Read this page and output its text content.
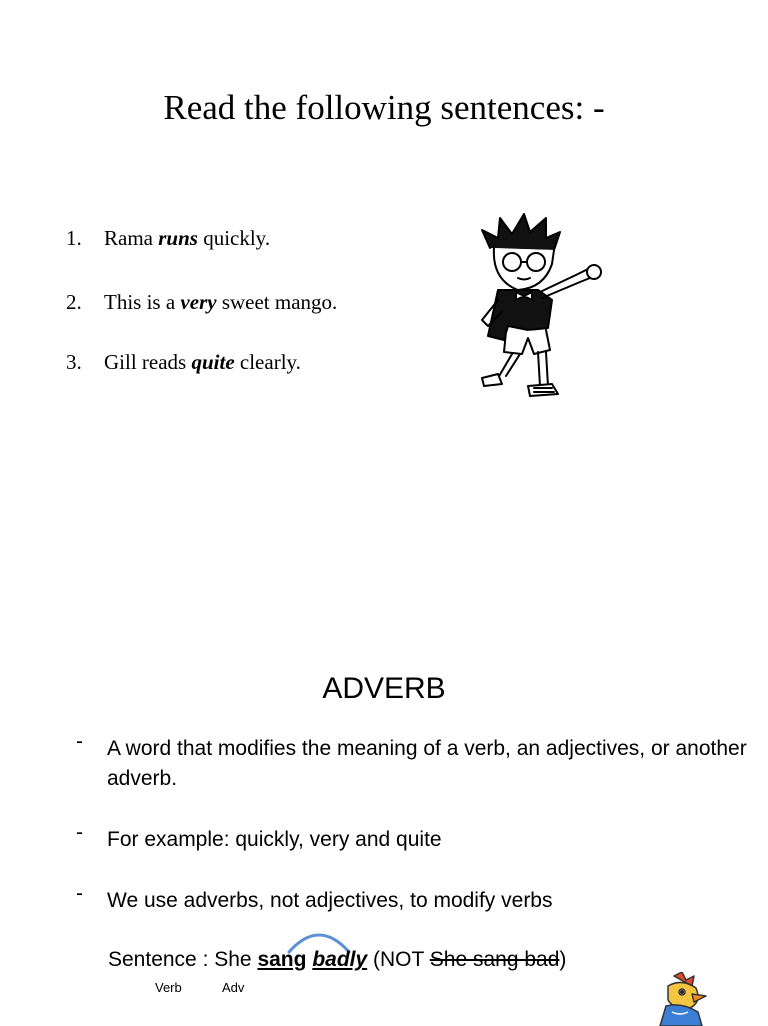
Read the following sentences: -
1. Rama runs quickly.
2. This is a very sweet mango.
3. Gill reads quite clearly.
ADVERB
- A word that modifies the meaning of a verb, an adjectives, or another adverb.
- For example: quickly, very and quite
- We use adverbs, not adjectives, to modify verbs
Sentence : She sang badly (NOT She sang bad)
Verb	Adv
